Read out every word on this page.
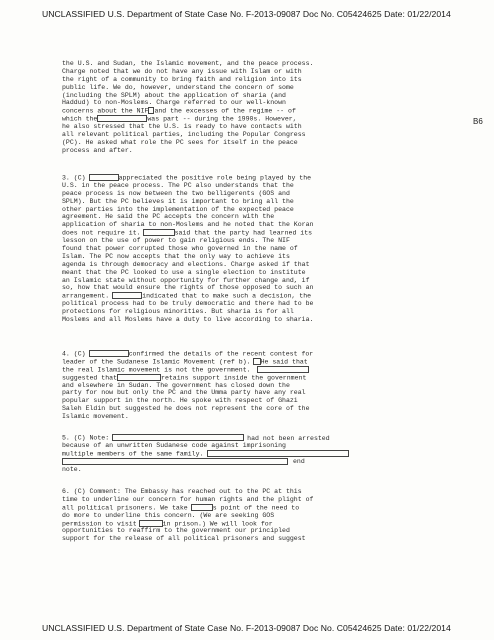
UNCLASSIFIED U.S. Department of State Case No. F-2013-09087 Doc No. C05424625 Date: 01/22/2014
B6
the U.S. and Sudan, the Islamic movement, and the peace process.
Charge noted that we do not have any issue with Islam or with
the right of a community to bring faith and religion into its
public life. We do, however, understand the concern of some
(including the SPLM) about the application of sharia (and
Haddud) to non-Moslems. Charge referred to our well-known
concerns about the NIF and the excesses of the regime -- of
which the	was part -- during the 1990s. However,
he also stressed that the U.S. is ready to have contacts with
all relevant political parties, including the Popular Congress
(PC). He asked what role the PC sees for itself in the peace
process and after.
3. (C)	appreciated the positive role being played by the
U.S. in the peace process. The PC also understands that the
peace process is now between the two belligerents (GOS and
SPLM). But the PC believes it is important to bring all the
other parties into the implementation of the expected peace
agreement. He said the PC accepts the concern with the
application of sharia to non-Moslems and he noted that the Koran
does not require it.	said that the party had learned its
lesson on the use of power to gain religious ends. The NIF
found that power corrupted those who governed in the name of
Islam. The PC now accepts that the only way to achieve its
agenda is through democracy and elections. Charge asked if that
meant that the PC looked to use a single election to institute
an Islamic state without opportunity for further change and, if
so, how that would ensure the rights of those opposed to such an
arrangement.	indicated that to make such a decision, the
political process had to be truly democratic and there had to be
protections for religious minorities. But sharia is for all
Moslems and all Moslems have a duty to live according to sharia.
4. (C)	confirmed the details of the recent contest for
leader of the Sudanese Islamic Movement (ref b). He said that
the real Islamic movement is not the government.
suggested that	retains support inside the government
and elsewhere in Sudan. The government has closed down the
party for now but only the PC and the Umma party have any real
popular support in the north. He spoke with respect of Ghazi
Saleh Eldin but suggested he does not represent the core of the
Islamic movement.
5. (C) Note:	had not been arrested
because of an unwritten Sudanese code against imprisoning
multiple members of the same family.
end
note.
6. (C) Comment: The Embassy has reached out to the PC at this
time to underline our concern for human rights and the plight of
all political prisoners. We take	s point of the need to
do more to underline this concern. (We are seeking GOS
permission to visit	in prison.) We will look for
opportunities to reaffirm to the government our principled
support for the release of all political prisoners and suggest
UNCLASSIFIED U.S. Department of State Case No. F-2013-09087 Doc No. C05424625 Date: 01/22/2014
